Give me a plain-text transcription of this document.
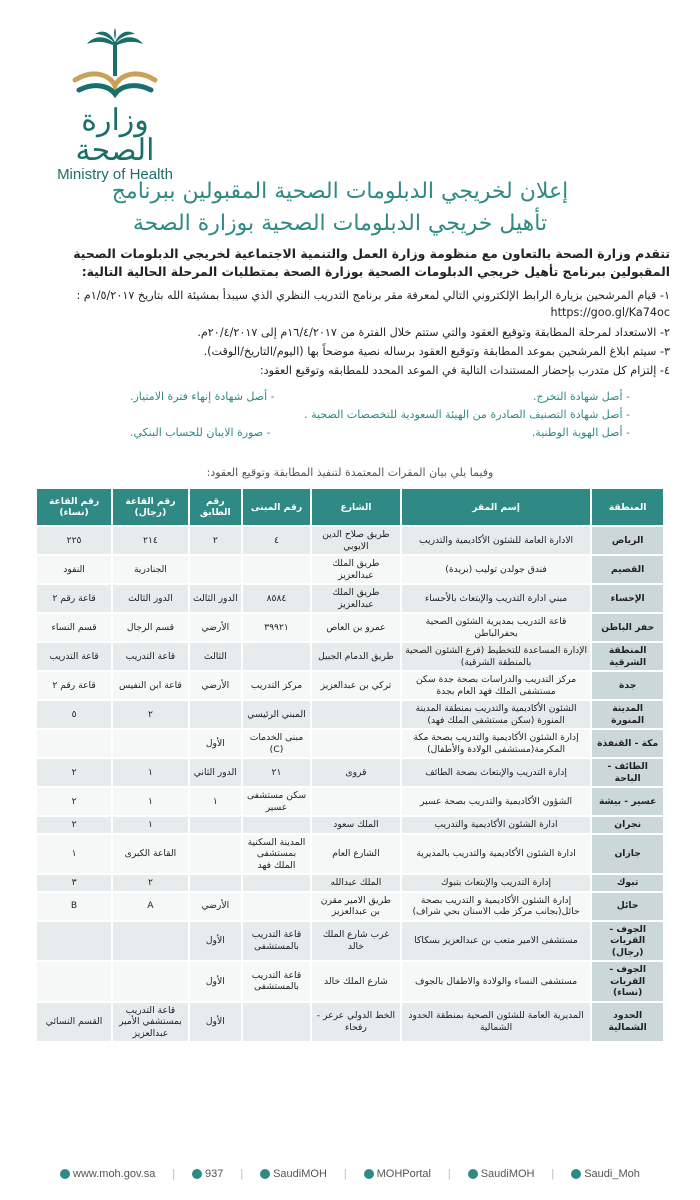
وزارة الصحة
Ministry of Health
إعلان لخريجي الدبلومات الصحية المقبولين ببرنامج
تأهيل خريجي الدبلومات الصحية بوزارة الصحة
تتقدم وزارة الصحة بالتعاون مع منظومة وزارة العمل والتنمية الاجتماعية لخريجي الدبلومات الصحية المقبولين ببرنامج تأهيل خريجي الدبلومات الصحية بوزارة الصحة بمتطلبات المرحلة الحالية التالية:
١- قيام المرشحين بزيارة الرابط الإلكتروني التالي لمعرفة مقر برنامج التدريب النظري الذي سيبدأ بمشيئة الله بتاريخ ١/٥/٢٠١٧م : https://goo.gl/Ka74oc
٢- الاستعداد لمرحلة المطابقة وتوقيع العقود والتي ستتم خلال الفترة من ١٦/٤/٢٠١٧م إلى ٢٠/٤/٢٠١٧م.
٣- سيتم ابلاغ المرشحين بموعد المطابقة وتوقيع العقود برساله نصية موضحاً بها (اليوم/التاريخ/الوقت).
٤- إلتزام كل متدرب بإحضار المستندات التالية في الموعد المحدد للمطابقه وتوقيع العقود:
- أصل شهادة التخرج.
- أصل شهادة إنهاء فترة الامتياز.
- أصل شهادة التصنيف الصادرة من الهيئة السعودية للتخصصات الصحية .
- أصل الهوية الوطنية.
- صورة الايبان للحساب البنكي.
وفيما يلي بيان المقرات المعتمدة لتنفيذ المطابقة وتوقيع العقود:
المنطقة	إسم المقر	الشارع	رقم المبنى	رقم الطابق	رقم القاعة (رجال)	رقم القاعة (نساء)
الرياض	الادارة العامة للشئون الأكاديمية والتدريب	طريق صلاح الدين الايوبي	٤	٢	٢١٤	٢٢٥
القصيم	فندق جولدن توليب (بريدة)	طريق الملك عبدالعزيز			الجنادرية	النفود
الإحساء	مبني ادارة التدريب والإبتعاث بالأحساء	طريق الملك عبدالعزيز	٨٥٨٤	الدور الثالث	الدور الثالث	قاعة رقم ٢
حفر الباطن	قاعة التدريب بمديرية الشئون الصحية بحفرالباطن	عمرو بن العاص	٣٩٩٢١	الأرضي	قسم الرجال	قسم النساء
المنطقة الشرقية	الإدارة المساعدة للتخطيط (فرع الشئون الصحية بالمنطقة الشرقية)	طريق الدمام الجبيل		الثالث	قاعة التدريب	قاعة التدريب
جدة	مركز التدريب والدراسات بصحة جدة سكن مستشفى الملك فهد العام بجدة	تركي بن عبدالعزيز	مركز التدريب	الأرضي	قاعة ابن النفيس	قاعة رقم ٢
المدينة المنورة	الشئون الأكاديمية والتدريب بمنطقة المدينة المنورة (سكن مستشفى الملك فهد)		المبني الرئيسي		٢	٥
مكة - القنفذة	إدارة الشئون الأكاديمية والتدريب بصحة مكة المكرمة(مستشفى الولادة والأطفال)		مبنى الخدمات (C)	الأول		
الطائف - الباحة	إدارة التدريب والإبتعاث بصحة الطائف	قروى	٢١	الدور الثاني	١	٢
عسير - بيشة	الشؤون الأكاديمية والتدريب بصحة عسير		سكن مستشفى عسير	١	١	٢
نجران	ادارة الشئون الأكاديمية والتدريب	الملك سعود			١	٢
جازان	ادارة الشئون الأكاديمية والتدريب بالمديرية	الشارع العام	المدينة السكنية بمستشفى الملك فهد		القاعة الكبرى	١
تبوك	إدارة التدريب والإبتعاث بتبوك	الملك عبدالله			٢	٣
حائل	إدارة الشئون الأكاديمية و التدريب بصحة حائل(بجانب مركز طب الاسنان بحي شراف)	طريق الامير مقرن بن عبدالعزيز		الأرضي	A	B
الجوف - القريات (رجال)	مستشفى الامير متعب بن عبدالعزيز بسكاكا	غرب شارع الملك خالد	قاعة التدريب بالمستشفى	الأول		
الجوف - القريات (نساء)	مستشفى النساء والولادة والاطفال بالجوف	شارع الملك خالد	قاعة التدريب بالمستشفى	الأول		
الحدود الشمالية	المديرية العامة للشئون الصحية بمنطقة الحدود الشمالية	الخط الدولي عرعر - رفحاء		الأول	قاعة التدريب بمستشفي الأمير عبدالعزيز	القسم النسائي
www.moh.gov.sa |	937 |	SaudiMOH |	MOHPortal |	SaudiMOH |	Saudi_Moh
